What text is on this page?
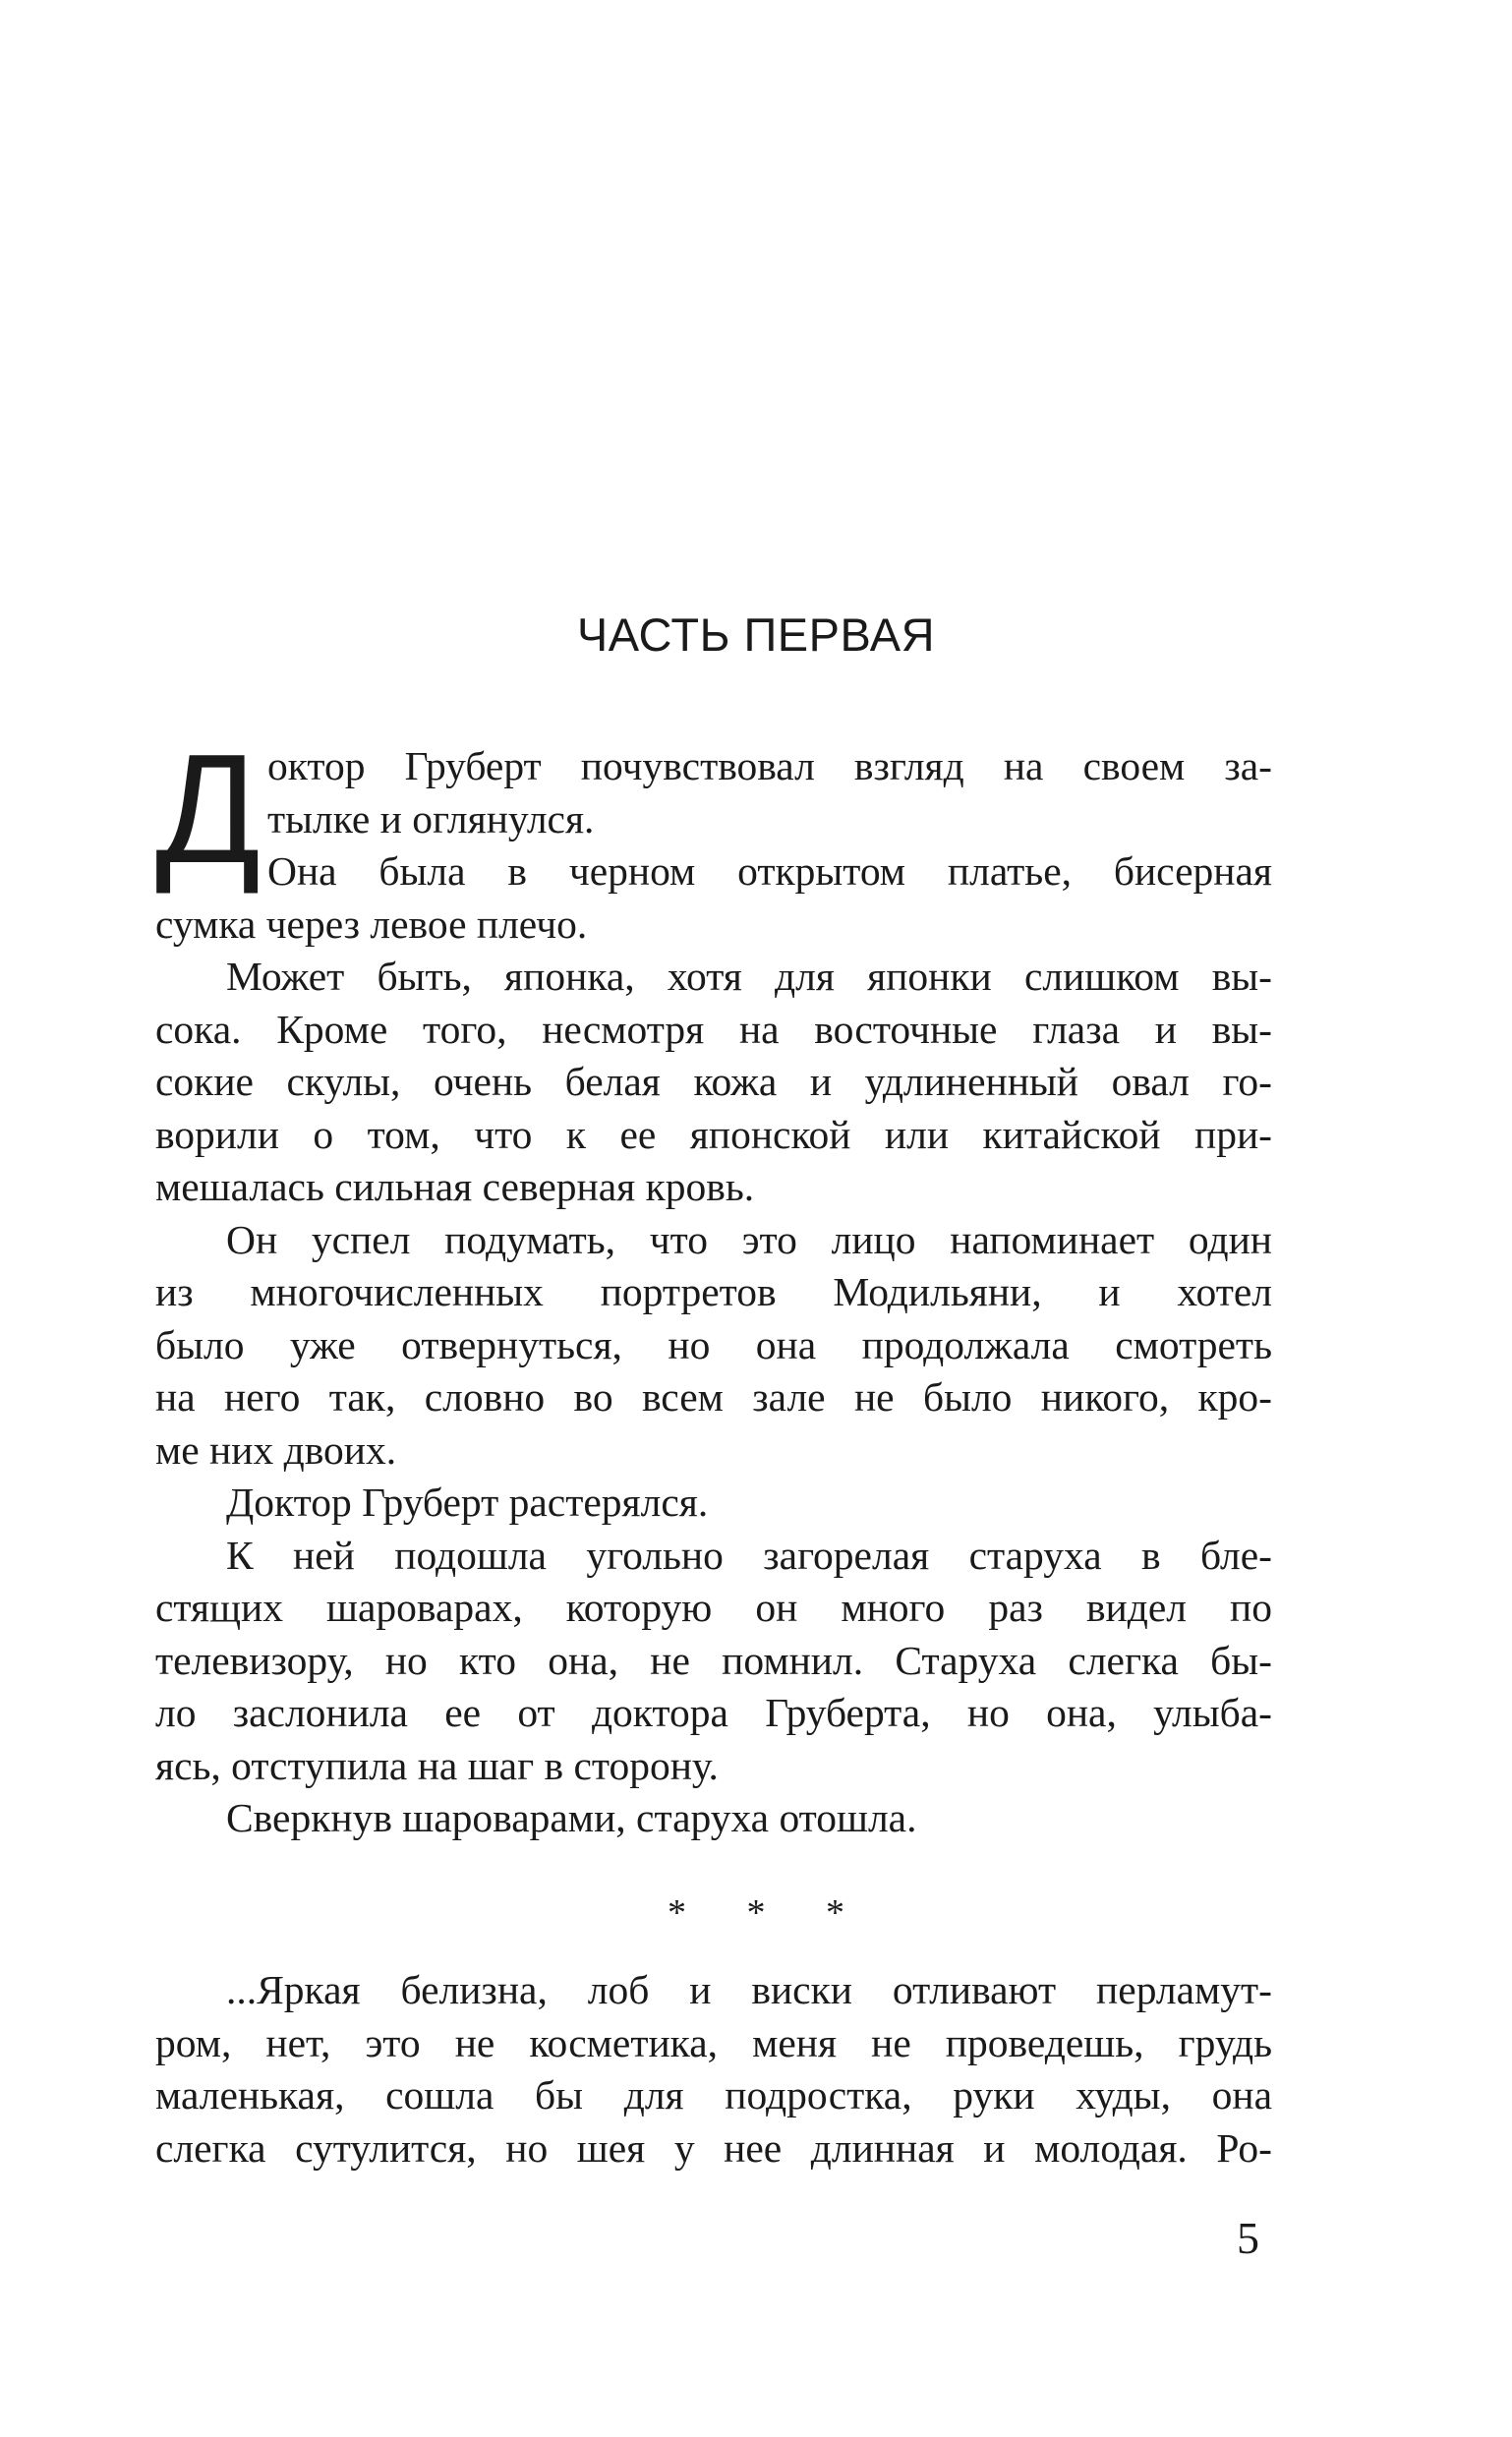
ЧАСТЬ ПЕРВАЯ

Д октор Груберт почувствовал взгляд на своем за-
тылке и оглянулся.

Она была в черном открытом платье, бисерная
сумка через левое плечо.

Может быть, японка, хотя для японки слишком вы-
сока. Кроме того, несмотря на восточные глаза и вы-
сокие скулы, очень белая кожа и удлиненный овал го-
ворили о том, что к ее японской или китайской при-
мешалась сильная северная кровь.

Он успел подумать, что это лицо напоминает один
из многочисленных портретов Модильяни, и хотел
было уже отвернуться, но она продолжала смотреть
на него так, словно во всем зале не было никого, кро-
ме них двоих.

Доктор Груберт растерялся.

К ней подошла угольно загорелая старуха в бле-
стящих шароварах, которую он много раз видел по
телевизору, но кто она, не помнил. Старуха слегка бы-
ло заслонила ее от доктора Груберта, но она, улыба-
ясь, отступила на шаг в сторону.

Сверкнув шароварами, старуха отошла.

* * *

...Яркая белизна, лоб и виски отливают перламут-
ром, нет, это не косметика, меня не проведешь, грудь
маленькая, сошла бы для подростка, руки худы, она
слегка сутулится, но шея у нее длинная и молодая. Ро-

5
